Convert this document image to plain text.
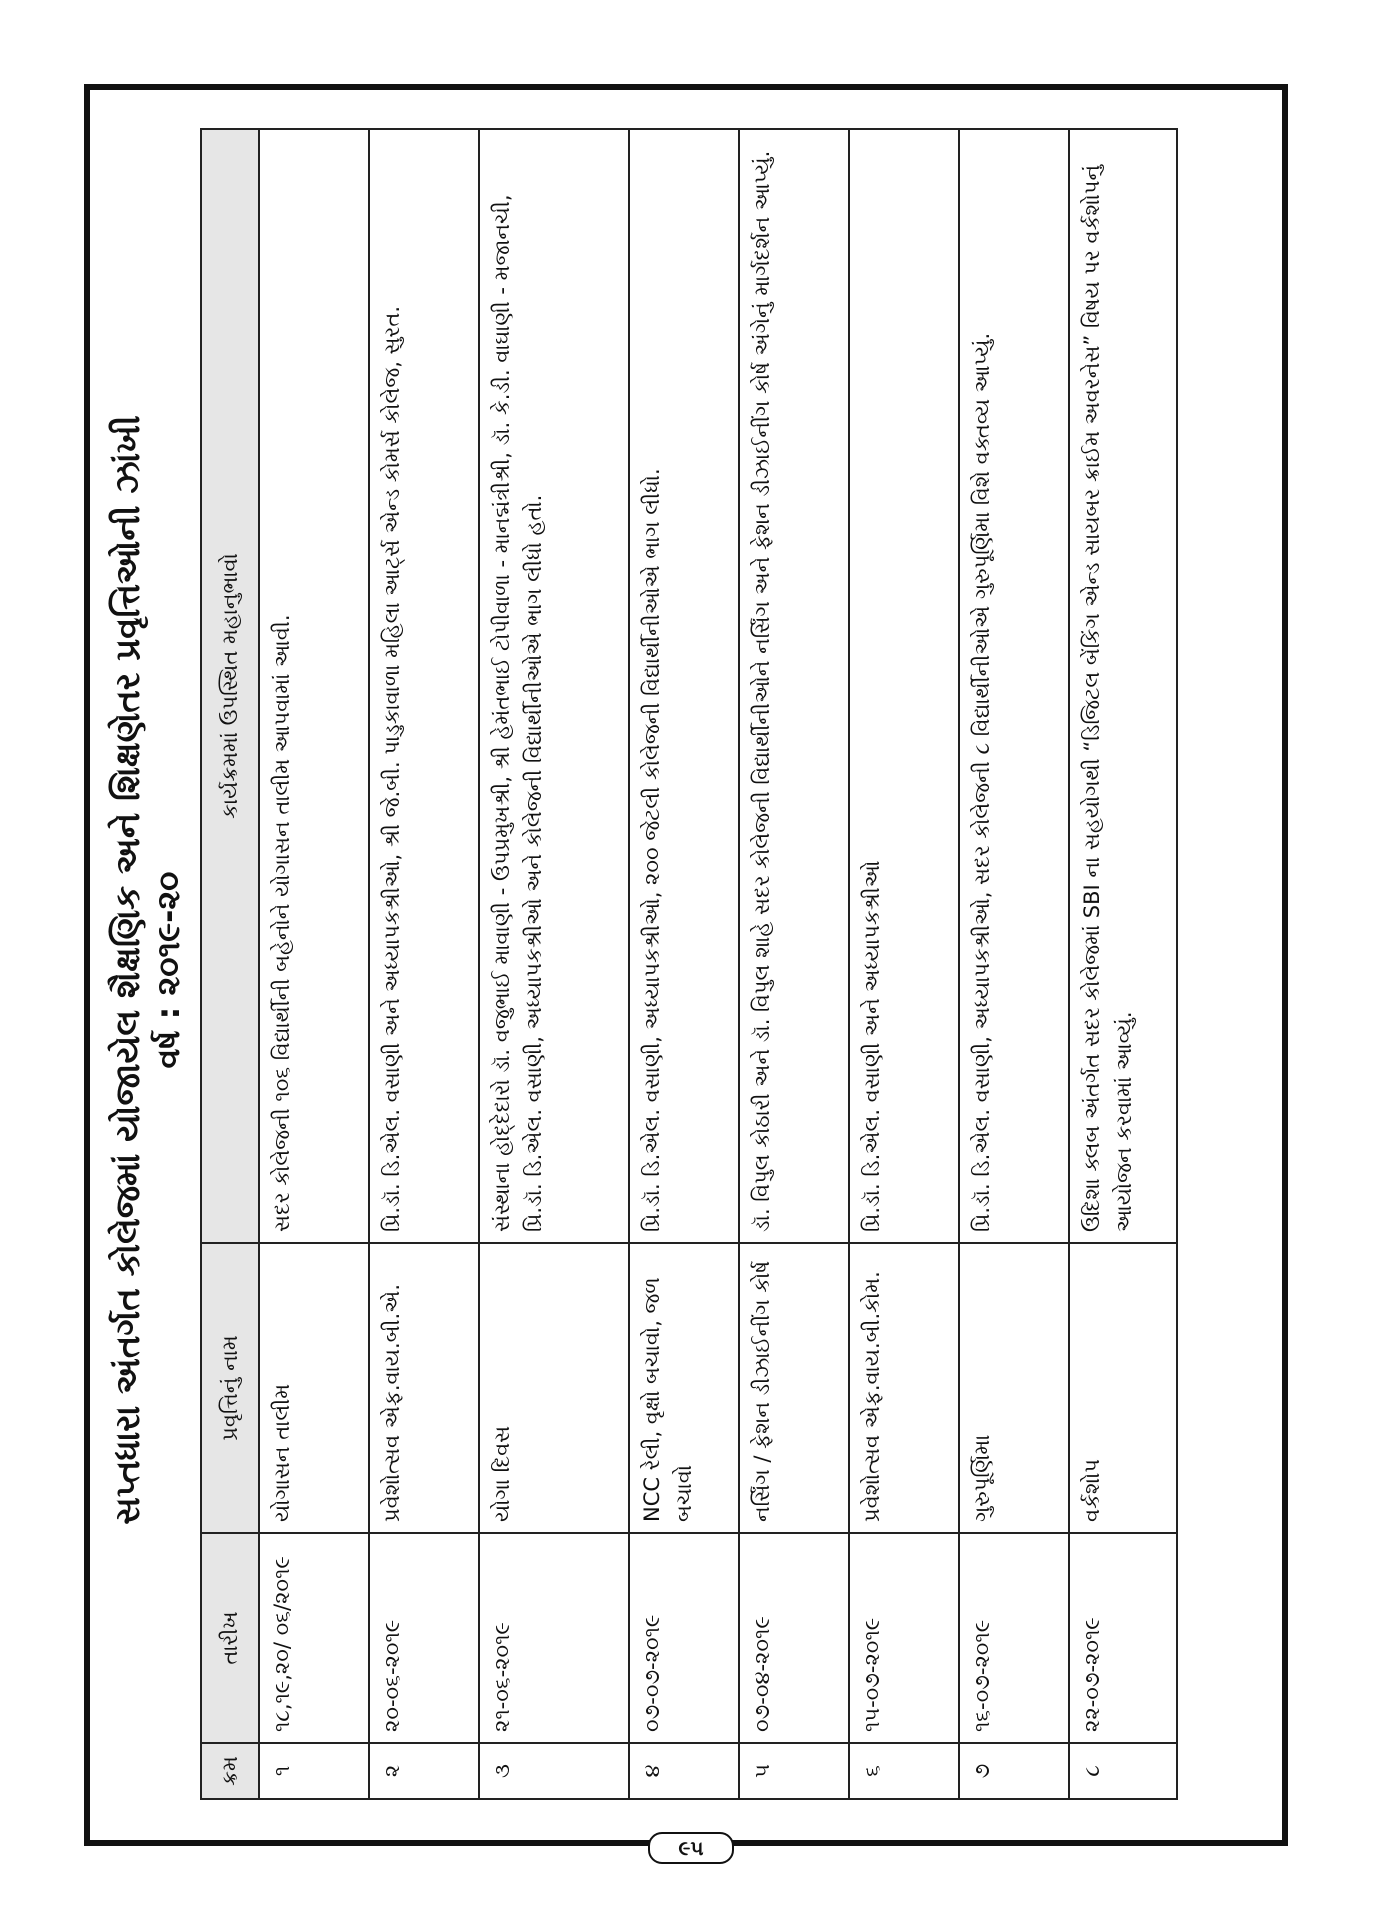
સપ્તધારા અંતર્ગત કોલેજમાં યોજાયેલ શૈક્ષણિક અને શિક્ષણેતર પ્રવૃત્તિઓની ઝાંખી વર્ષ : ૨૦૧૯-૨૦
ક્રમ	તારીખ	પ્રવૃત્તિનું નામ	કાર્યક્રમમાં ઉપસ્થિત મહાનુભાવો
૧	૧૮,૧૯,૨૦/ ૦૬/૨૦૧૯	યોગાસન તાલીમ	સદર કોલેજની ૧૦૬ વિદ્યાર્થીની બહેનોને યોગાસન તાલીમ આપવામાં આવી.
૨	૨૦-૦૬-૨૦૧૯	પ્રવેશોત્સવ એફ.વાય.બી.એ.	પ્રિ.ડૉ. ડિ.એલ. વસાણી અને અધ્યાપકશ્રીઓ, શ્રી જે.બી. પાડુકાવાળા મહિલા આર્ટ્સ એન્ડ કોમર્સ કોલેજ, સુરત.
૩	૨૧-૦૬-૨૦૧૯	યોગા દિવસ	સંસ્થાના હોદ્દેદારો ડૉ. વજુભાઈ માવાણી - ઉપપ્રમુખશ્રી, શ્રી હેમંતભાઈ ટોપીવાળા - માનદ્મંત્રીશ્રી, ડૉ. કે.ડી. વાઘાણી - મજાનચી, પ્રિ.ડૉ. ડિ.એલ. વસાણી, અધ્યાપકશ્રીઓ અને કોલેજની વિદ્યાર્થીનીઓએ ભાગ લીધો હતો.
૪	૦૭-૦૭-૨૦૧૯	NCC રેલી, વૃક્ષો બચાવો, જળ બચાવો	પ્રિ.ડૉ. ડિ.એલ. વસાણી, અધ્યાપકશ્રીઓ, ૨૦૦ જેટલી કોલેજની વિદ્યાર્થીનીઓએ ભાગ લીધો.
૫	૦૭-૦૪-૨૦૧૯	નર્સિંગ / ફેશન ડીઝાઈનીંગ કોર્ષ	ડૉ. વિપુલ કોઠારી અને ડૉ. વિપુલ શાહે સદર કોલેજની વિદ્યાર્થીનીઓને નર્સિંગ અને ફેશન ડીઝાઈનીંગ કોર્ષ અંગેનું માર્ગદર્શન આપ્યું.
૬	૧૫-૦૭-૨૦૧૯	પ્રવેશોત્સવ એફ.વાય.બી.કોમ.	પ્રિ.ડૉ. ડિ.એલ. વસાણી અને અધ્યાપકશ્રીઓ
૭	૧૬-૦૭-૨૦૧૯	ગુરુપૂર્ણિમા	પ્રિ.ડૉ. ડિ.એલ. વસાણી, અધ્યાપકશ્રીઓ, સદર કોલેજની ૮ વિદ્યાર્થીનીઓએ ગુરુપૂર્ણિમા વિશે વક્તવ્ય આપ્યું.
૮	૨૨-૦૭-૨૦૧૯	વર્કશોપ	ઉદિશા ક્લબ અંતર્ગત સદર કોલેજમાં SBI ના સહયોગથી “ડિજિટલ બેંકિંગ એન્ડ સાયબર ક્રાઈમ અવરનેસ” વિષય પર વર્કશોપનું આયોજન કરવામાં આવ્યું.
૯૫
